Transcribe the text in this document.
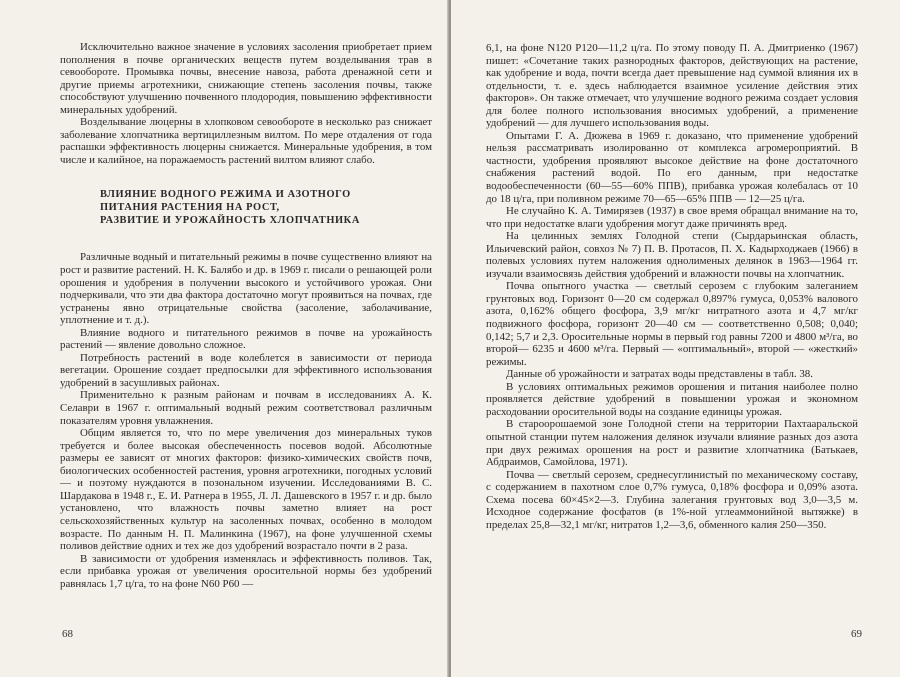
Исключительно важное значение в условиях засоления приобретает прием пополнения в почве органических веществ путем возделывания трав в севообороте. Промывка почвы, внесение навоза, работа дренажной сети и другие приемы агротехники, снижающие степень засоления почвы, также способствуют улучшению почвенного плодородия, повышению эффективности минеральных удобрений.

Возделывание люцерны в хлопковом севообороте в несколько раз снижает заболевание хлопчатника вертициллезным вилтом. По мере отдаления от года распашки эффективность люцерны снижается. Минеральные удобрения, в том числе и калийное, на поражаемость растений вилтом влияют слабо.

ВЛИЯНИЕ ВОДНОГО РЕЖИМА И АЗОТНОГО
ПИТАНИЯ РАСТЕНИЯ НА РОСТ,
РАЗВИТИЕ И УРОЖАЙНОСТЬ ХЛОПЧАТНИКА

Различные водный и питательный режимы в почве существенно влияют на рост и развитие растений. Н. К. Балябо и др. в 1969 г. писали о решающей роли орошения и удобрения в получении высокого и устойчивого урожая. Они подчеркивали, что эти два фактора достаточно могут проявиться на почвах, где устранены явно отрицательные свойства (засоление, заболачивание, уплотнение и т. д.).

Влияние водного и питательного режимов в почве на урожайность растений — явление довольно сложное.

Потребность растений в воде колеблется в зависимости от периода вегетации. Орошение создает предпосылки для эффективного использования удобрений в засушливых районах.

Применительно к разным районам и почвам в исследованиях А. К. Селаври в 1967 г. оптимальный водный режим соответствовал различным показателям уровня увлажнения.

Общим является то, что по мере увеличения доз минеральных туков требуется и более высокая обеспеченность посевов водой. Абсолютные размеры ее зависят от многих факторов: физико-химических свойств почв, биологических особенностей растения, уровня агротехники, погодных условий — и поэтому нуждаются в позональном изучении. Исследованиями В. С. Шардакова в 1948 г., Е. И. Ратнера в 1955, Л. Л. Дашевского в 1957 г. и др. было установлено, что влажность почвы заметно влияет на рост сельскохозяйственных культур на засоленных почвах, особенно в молодом возрасте. По данным Н. П. Малинкина (1967), на фоне улучшенной схемы поливов действие одних и тех же доз удобрений возрастало почти в 2 раза.

В зависимости от удобрения изменялась и эффективность поливов. Так, если прибавка урожая от увеличения оросительной нормы без удобрений равнялась 1,7 ц/га, то на фоне N60 P60 —

68

6,1, на фоне N120 P120—11,2 ц/га. По этому поводу П. А. Дмитриенко (1967) пишет: «Сочетание таких разнородных факторов, действующих на растение, как удобрение и вода, почти всегда дает превышение над суммой влияния их в отдельности, т. е. здесь наблюдается взаимное усиление действия этих факторов». Он также отмечает, что улучшение водного режима создает условия для более полного использования вносимых удобрений, а применение удобрений — для лучшего использования воды.

Опытами Г. А. Дюжева в 1969 г. доказано, что применение удобрений нельзя рассматривать изолированно от комплекса агромероприятий. В частности, удобрения проявляют высокое действие на фоне достаточного снабжения растений водой. По его данным, при недостатке водообеспеченности (60—55—60% ППВ), прибавка урожая колебалась от 10 до 18 ц/га, при поливном режиме 70—65—65% ППВ — 12—25 ц/га.

Не случайно К. А. Тимирязев (1937) в свое время обращал внимание на то, что при недостатке влаги удобрения могут даже причинять вред.

На целинных землях Голодной степи (Сырдарьинская область, Ильичевский район, совхоз № 7) П. В. Протасов, П. Х. Кадырходжаев (1966) в полевых условиях путем наложения однолименых делянок в 1963—1964 гг. изучали взаимосвязь действия удобрений и влажности почвы на хлопчатник.

Почва опытного участка — светлый серозем с глубоким залеганием грунтовых вод. Горизонт 0—20 см содержал 0,897% гумуса, 0,053% валового азота, 0,162% общего фосфора, 3,9 мг/кг нитратного азота и 4,7 мг/кг подвижного фосфора, горизонт 20—40 см — соответственно 0,508; 0,040; 0,142; 5,7 и 2,3. Оросительные нормы в первый год равны 7200 и 4800 м³/га, во второй— 6235 и 4600 м³/га. Первый — «оптимальный», второй — «жесткий» режимы.

Данные об урожайности и затратах воды представлены в табл. 38.

В условиях оптимальных режимов орошения и питания наиболее полно проявляется действие удобрений в повышении урожая и экономном расходовании оросительной воды на создание единицы урожая.

В староорошаемой зоне Голодной степи на территории Пахтааральской опытной станции путем наложения делянок изучали влияние разных доз азота при двух режимах орошения на рост и развитие хлопчатника (Батькаев, Абдраимов, Самойлова, 1971).

Почва — светлый серозем, среднесуглинистый по механическому составу, с содержанием в пахотном слое 0,7% гумуса, 0,18% фосфора и 0,09% азота. Схема посева 60×45×2—3. Глубина залегания грунтовых вод 3,0—3,5 м. Исходное содержание фосфатов (в 1%-ной углеаммонийной вытяжке) в пределах 25,8—32,1 мг/кг, нитратов 1,2—3,6, обменного калия 250—350.

69
